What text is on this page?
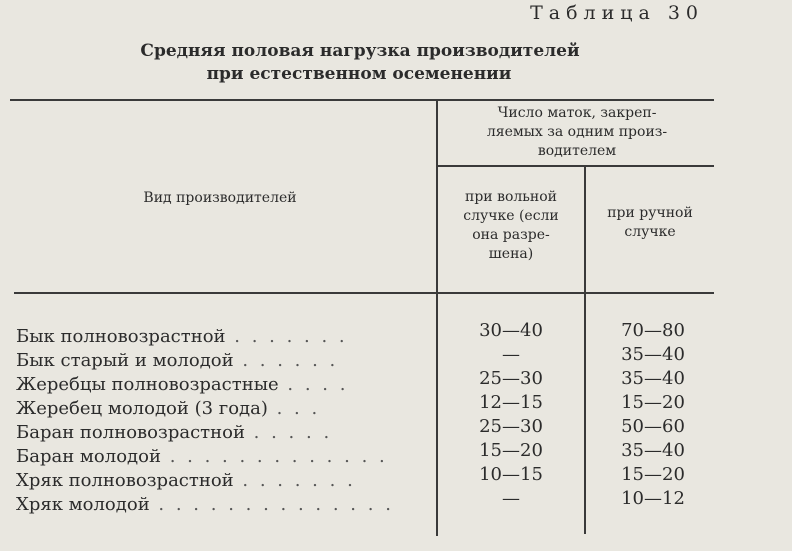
Таблица 30
Средняя половая нагрузка производителей
при естественном осеменении
Вид производителей
Число маток, закреп-
ляемых за одним произ-
водителем
при вольной
случке (если
она разре-
шена)
при ручной
случке
Бык полновозрастной . . . . . . .	30—40	70—80
Бык старый и молодой . . . . . .	—	35—40
Жеребцы полновозрастные . . . .	25—30	35—40
Жеребец молодой (3 года) . . .	12—15	15—20
Баран полновозрастной . . . . .	25—30	50—60
Баран молодой . . . . . . . . . . . . .	15—20	35—40
Хряк полновозрастной . . . . . . .	10—15	15—20
Хряк молодой . . . . . . . . . . . . . .	—	10—12
